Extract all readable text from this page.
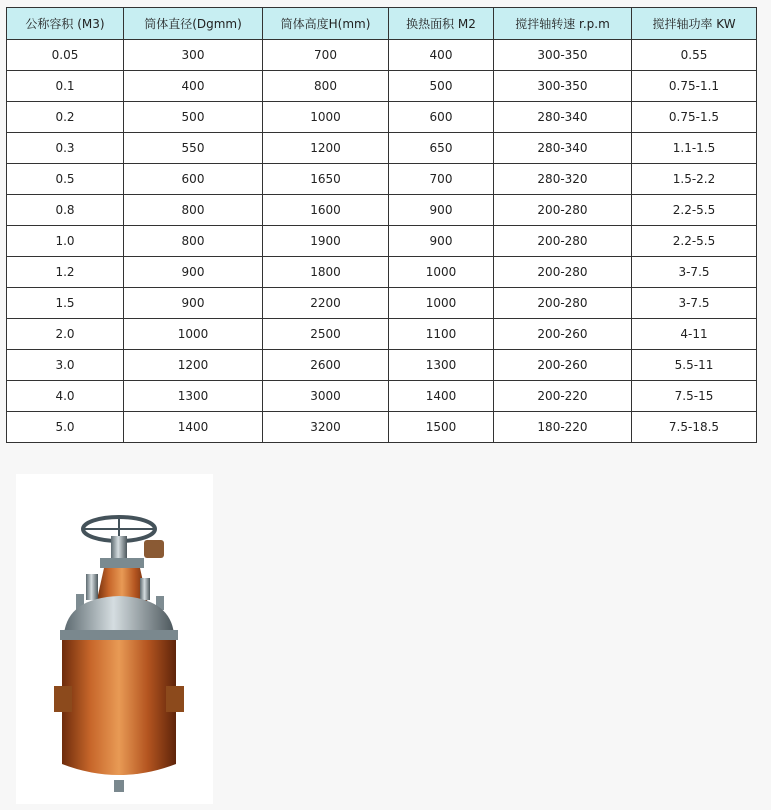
公称容积 (M3)	筒体直径(Dgmm)	筒体高度H(mm)	换热面积 M2	搅拌轴转速 r.p.m	搅拌轴功率 KW
0.05	300	700	400	300-350	0.55
0.1	400	800	500	300-350	0.75-1.1
0.2	500	1000	600	280-340	0.75-1.5
0.3	550	1200	650	280-340	1.1-1.5
0.5	600	1650	700	280-320	1.5-2.2
0.8	800	1600	900	200-280	2.2-5.5
1.0	800	1900	900	200-280	2.2-5.5
1.2	900	1800	1000	200-280	3-7.5
1.5	900	2200	1000	200-280	3-7.5
2.0	1000	2500	1100	200-260	4-11
3.0	1200	2600	1300	200-260	5.5-11
4.0	1300	3000	1400	200-220	7.5-15
5.0	1400	3200	1500	180-220	7.5-18.5
